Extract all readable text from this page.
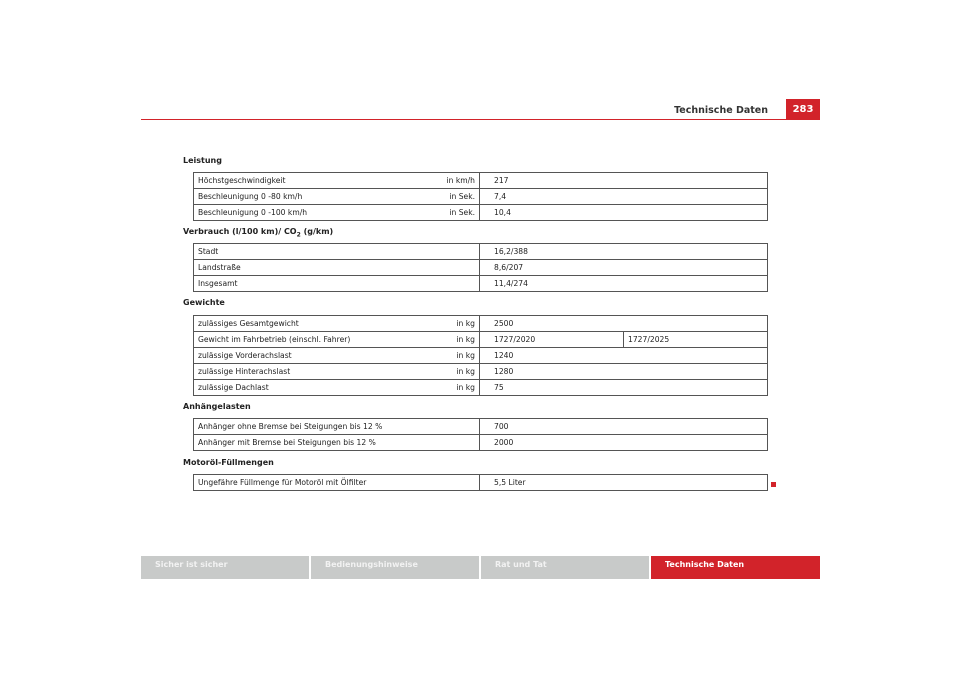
Technische Daten	283
Leistung
Höchstgeschwindigkeit	in km/h	217
Beschleunigung 0 -80 km/h	in Sek.	7,4
Beschleunigung 0 -100 km/h	in Sek.	10,4
Verbrauch (l/100 km)/ $CO_2$ (g/km)
Stadt	16,2/388
Landstraße	8,6/207
Insgesamt	11,4/274
Gewichte
zulässiges Gesamtgewicht	in kg	2500	
Gewicht im Fahrbetrieb (einschl. Fahrer)	in kg	1727/2020	1727/2025
zulässige Vorderachslast	in kg	1240	
zulässige Hinterachslast	in kg	1280	
zulässige Dachlast	in kg	75	
Anhängelasten
Anhänger ohne Bremse bei Steigungen bis 12 %	700
Anhänger mit Bremse bei Steigungen bis 12 %	2000
Motoröl-Füllmengen
Ungefähre Füllmenge für Motoröl mit Ölfilter	5,5 Liter
Sicher ist sicher	Bedienungshinweise	Rat und Tat	Technische Daten
